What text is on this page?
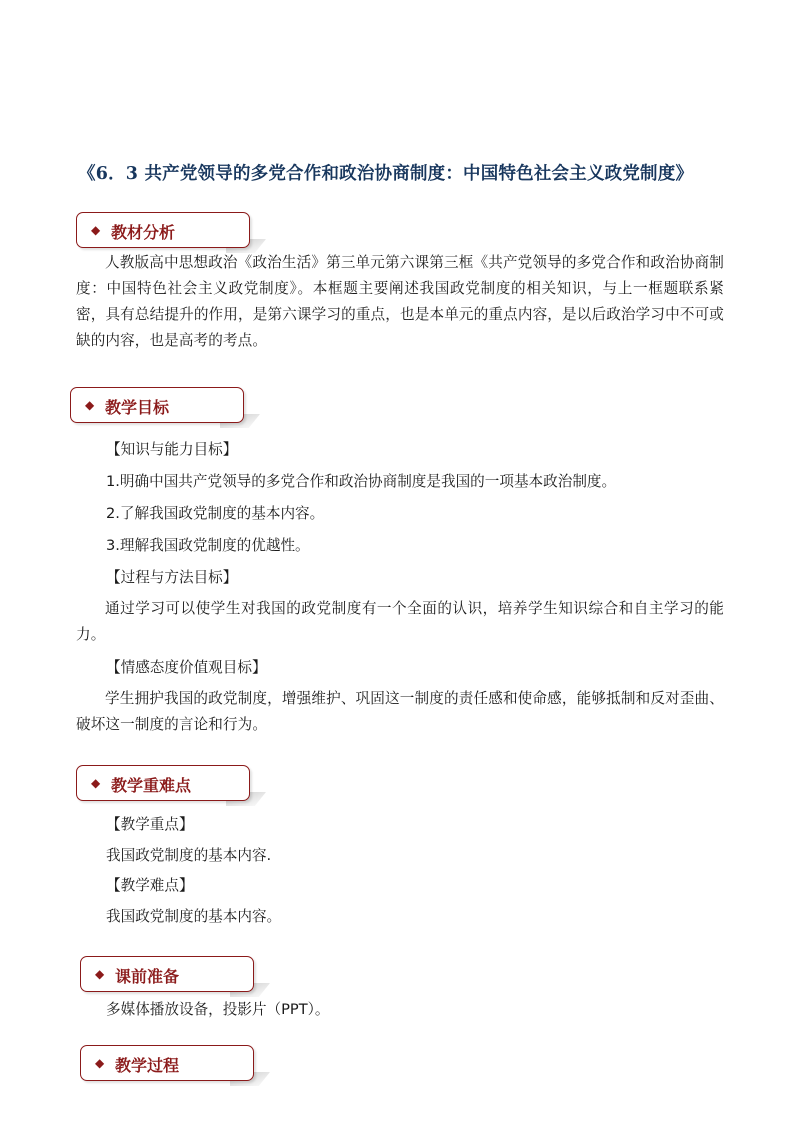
《6．3 共产党领导的多党合作和政治协商制度：中国特色社会主义政党制度》
◆ 教材分析
人教版高中思想政治《政治生活》第三单元第六课第三框《共产党领导的多党合作和政治协商制度：中国特色社会主义政党制度》。本框题主要阐述我国政党制度的相关知识，与上一框题联系紧密，具有总结提升的作用，是第六课学习的重点，也是本单元的重点内容，是以后政治学习中不可或缺的内容，也是高考的考点。
◆ 教学目标
【知识与能力目标】
1.明确中国共产党领导的多党合作和政治协商制度是我国的一项基本政治制度。
2.了解我国政党制度的基本内容。
3.理解我国政党制度的优越性。
【过程与方法目标】
通过学习可以使学生对我国的政党制度有一个全面的认识，培养学生知识综合和自主学习的能力。
【情感态度价值观目标】
学生拥护我国的政党制度，增强维护、巩固这一制度的责任感和使命感，能够抵制和反对歪曲、破坏这一制度的言论和行为。
◆ 教学重难点
【教学重点】
我国政党制度的基本内容.
【教学难点】
我国政党制度的基本内容。
◆ 课前准备
多媒体播放设备，投影片（PPT）。
◆ 教学过程
